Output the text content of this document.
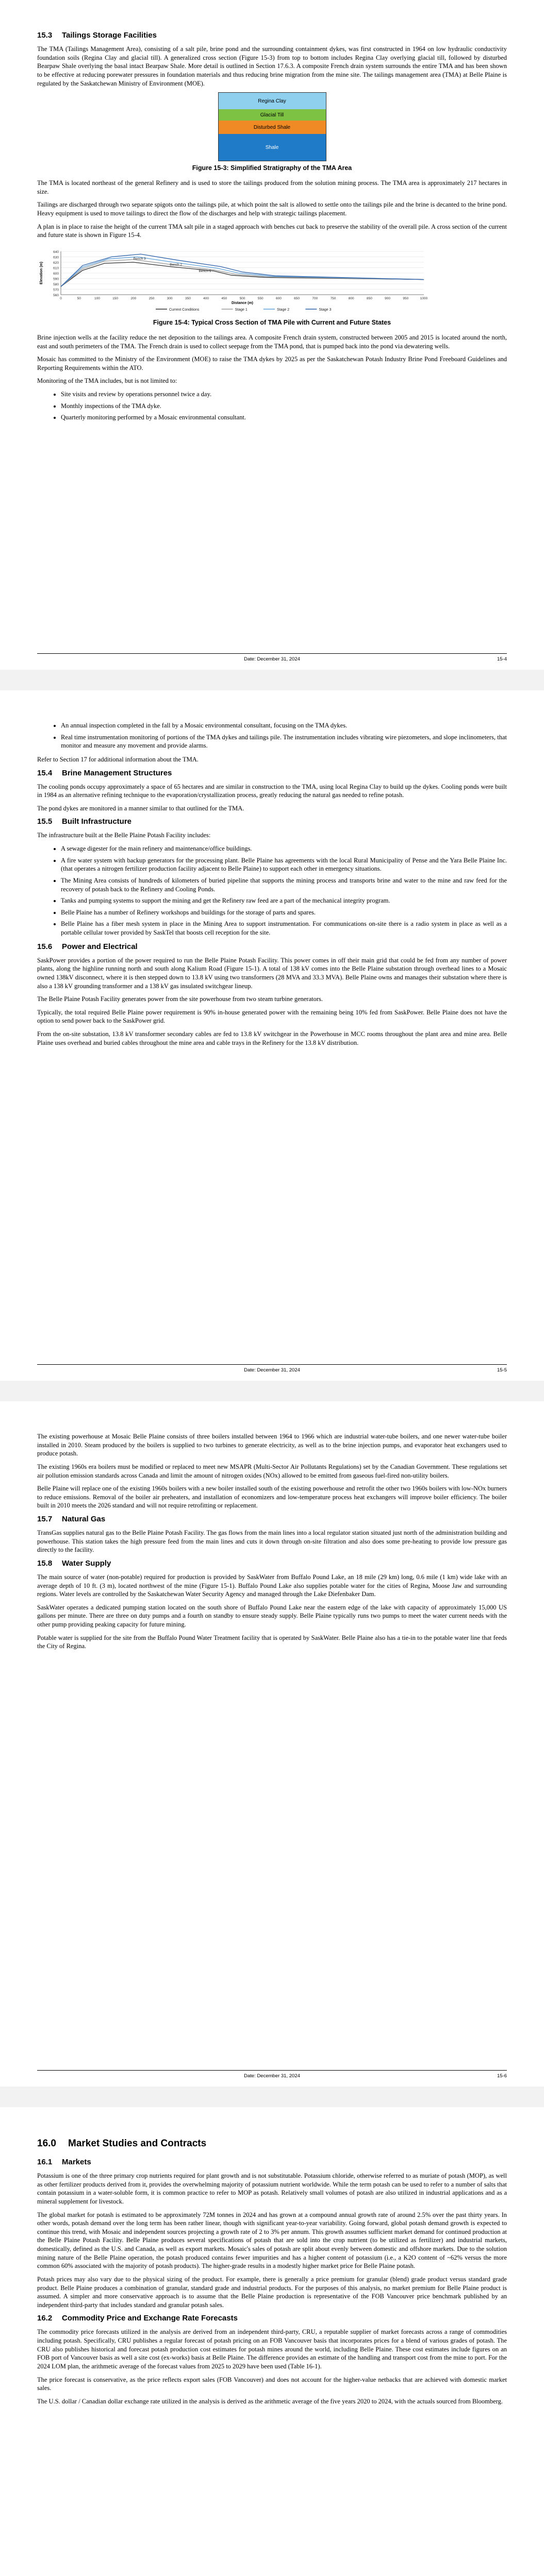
15.3 Tailings Storage Facilities

The TMA (Tailings Management Area), consisting of a salt pile, brine pond and the surrounding containment dykes, was first constructed in 1964 on low hydraulic conductivity foundation soils (Regina Clay and glacial till). A generalized cross section (Figure 15-3) from top to bottom includes Regina Clay overlying glacial till, followed by disturbed Bearpaw Shale overlying the basal intact Bearpaw Shale. More detail is outlined in Section 17.6.3. A composite French drain system surrounds the entire TMA and has been shown to be effective at reducing porewater pressures in foundation materials and thus reducing brine migration from the mine site. The tailings management area (TMA) at Belle Plaine is regulated by the Saskatchewan Ministry of Environment (MOE).

Regina Clay
Glacial Till
Disturbed Shale
Shale
Figure 15-3: Simplified Stratigraphy of the TMA Area

The TMA is located northeast of the general Refinery and is used to store the tailings produced from the solution mining process. The TMA area is approximately 217 hectares in size.

Tailings are discharged through two separate spigots onto the tailings pile, at which point the salt is allowed to settle onto the tailings pile and the brine is decanted to the brine pond. Heavy equipment is used to move tailings to direct the flow of the discharges and help with strategic tailings placement.

A plan is in place to raise the height of the current TMA salt pile in a staged approach with benches cut back to preserve the stability of the overall pile. A cross section of the current and future state is shown in Figure 15-4.

560
570
580
590
600
610
620
630
640
0	50	100	150	200	250	300	350	400	450	500	550	600	650	700	750	800	850	900	950	1000
Distance (m)
Elevation (m)	Bench 1
Bench 2
Bench 3
Current Conditions	Stage 1	Stage 2	Stage 3
Figure 15-4: Typical Cross Section of TMA Pile with Current and Future States

Brine injection wells at the facility reduce the net deposition to the tailings area. A composite French drain system, constructed between 2005 and 2015 is located around the north, east and south perimeters of the TMA. The French drain is used to collect seepage from the TMA pond, that is pumped back into the pond via dewatering wells.

Mosaic has committed to the Ministry of the Environment (MOE) to raise the TMA dykes by 2025 as per the Saskatchewan Potash Industry Brine Pond Freeboard Guidelines and Reporting Requirements within the ATO.

Monitoring of the TMA includes, but is not limited to:

• Site visits and review by operations personnel twice a day.
• Monthly inspections of the TMA dyke.
• Quarterly monitoring performed by a Mosaic environmental consultant.
Date: December 31, 2024	15-4
• An annual inspection completed in the fall by a Mosaic environmental consultant, focusing on the TMA dykes.
• Real time instrumentation monitoring of portions of the TMA dykes and tailings pile. The instrumentation includes vibrating wire piezometers, and slope inclinometers, that monitor and measure any movement and provide alarms.

Refer to Section 17 for additional information about the TMA.

15.4 Brine Management Structures

The cooling ponds occupy approximately a space of 65 hectares and are similar in construction to the TMA, using local Regina Clay to build up the dykes. Cooling ponds were built in 1984 as an alternative refining technique to the evaporation/crystallization process, greatly reducing the natural gas needed to refine potash.

The pond dykes are monitored in a manner similar to that outlined for the TMA.

15.5 Built Infrastructure

The infrastructure built at the Belle Plaine Potash Facility includes:

• A sewage digester for the main refinery and maintenance/office buildings.
• A fire water system with backup generators for the processing plant. Belle Plaine has agreements with the local Rural Municipality of Pense and the Yara Belle Plaine Inc. (that operates a nitrogen fertilizer production facility adjacent to Belle Plaine) to support each other in emergency situations.
• The Mining Area consists of hundreds of kilometers of buried pipeline that supports the mining process and transports brine and water to the mine and raw feed for the recovery of potash back to the Refinery and Cooling Ponds.
• Tanks and pumping systems to support the mining and get the Refinery raw feed are a part of the mechanical integrity program.
• Belle Plaine has a number of Refinery workshops and buildings for the storage of parts and spares.
• Belle Plaine has a fiber mesh system in place in the Mining Area to support instrumentation. For communications on-site there is a radio system in place as well as a portable cellular tower provided by SaskTel that boosts cell reception for the site.
15.6 Power and Electrical

SaskPower provides a portion of the power required to run the Belle Plaine Potash Facility. This power comes in off their main grid that could be fed from any number of power plants, along the highline running north and south along Kalium Road (Figure 15-1). A total of 138 kV comes into the Belle Plaine substation through overhead lines to a Mosaic owned 138kV disconnect, where it is then stepped down to 13.8 kV using two transformers (28 MVA and 33.3 MVA). Belle Plaine owns and manages their substation where there is also a 138 kV grounding transformer and a 138 kV gas insulated switchgear lineup.

The Belle Plaine Potash Facility generates power from the site powerhouse from two steam turbine generators.

Typically, the total required Belle Plaine power requirement is 90% in-house generated power with the remaining being 10% fed from SaskPower. Belle Plaine does not have the option to send power back to the SaskPower grid.

From the on-site substation, 13.8 kV transformer secondary cables are fed to 13.8 kV switchgear in the Powerhouse in MCC rooms throughout the plant area and mine area. Belle Plaine uses overhead and buried cables throughout the mine area and cable trays in the Refinery for the 13.8 kV distribution.

Date: December 31, 2024	15-5

The existing powerhouse at Mosaic Belle Plaine consists of three boilers installed between 1964 to 1966 which are industrial water-tube boilers, and one newer water-tube boiler installed in 2010. Steam produced by the boilers is supplied to two turbines to generate electricity, as well as to the brine injection pumps, and evaporator heat exchangers used to produce potash.

The existing 1960s era boilers must be modified or replaced to meet new MSAPR (Multi-Sector Air Pollutants Regulations) set by the Canadian Government. These regulations set air pollution emission standards across Canada and limit the amount of nitrogen oxides (NOx) allowed to be emitted from gaseous fuel-fired non-utility boilers.

Belle Plaine will replace one of the existing 1960s boilers with a new boiler installed south of the existing powerhouse and retrofit the other two 1960s boilers with low-NOx burners to reduce emissions. Removal of the boiler air preheaters, and installation of economizers and low-temperature process heat exchangers will improve boiler efficiency. The boiler built in 2010 meets the 2026 standard and will not require retrofitting or replacement.

15.7 Natural Gas

TransGas supplies natural gas to the Belle Plaine Potash Facility. The gas flows from the main lines into a local regulator station situated just north of the administration building and powerhouse. This station takes the high pressure feed from the main lines and cuts it down through on-site filtration and also does some pre-heating to provide low pressure gas directly to the facility.

15.8 Water Supply

The main source of water (non-potable) required for production is provided by SaskWater from Buffalo Pound Lake, an 18 mile (29 km) long, 0.6 mile (1 km) wide lake with an average depth of 10 ft. (3 m), located northwest of the mine (Figure 15-1). Buffalo Pound Lake also supplies potable water for the cities of Regina, Moose Jaw and surrounding regions. Water levels are controlled by the Saskatchewan Water Security Agency and managed through the Lake Diefenbaker Dam.

SaskWater operates a dedicated pumping station located on the south shore of Buffalo Pound Lake near the eastern edge of the lake with capacity of approximately 15,000 US gallons per minute. There are three on duty pumps and a fourth on standby to ensure steady supply. Belle Plaine typically runs two pumps to meet the water current needs with the other pump providing peaking capacity for future mining.

Potable water is supplied for the site from the Buffalo Pound Water Treatment facility that is operated by SaskWater. Belle Plaine also has a tie-in to the potable water line that feeds the City of Regina.

Date: December 31, 2024	15-6
16.0 Market Studies and Contracts
16.1 Markets

Potassium is one of the three primary crop nutrients required for plant growth and is not substitutable. Potassium chloride, otherwise referred to as muriate of potash (MOP), as well as other fertilizer products derived from it, provides the overwhelming majority of potassium nutrient worldwide. While the term potash can be used to refer to a number of salts that contain potassium in a water-soluble form, it is common practice to refer to MOP as potash. Relatively small volumes of potash are also utilized in industrial applications and as a mineral supplement for livestock.

The global market for potash is estimated to be approximately 72M tonnes in 2024 and has grown at a compound annual growth rate of around 2.5% over the past thirty years. In other words, potash demand over the long term has been rather linear, though with significant year-to-year variability. Going forward, global potash demand growth is expected to continue this trend, with Mosaic and independent sources projecting a growth rate of 2 to 3% per annum. This growth assumes sufficient market demand for continued production at the Belle Plaine Potash Facility. Belle Plaine produces several specifications of potash that are sold into the crop nutrient (to be utilized as fertilizer) and industrial markets, domestically, defined as the U.S. and Canada, as well as export markets. Mosaic's sales of potash are split about evenly between domestic and offshore markets. Due to the solution mining nature of the Belle Plaine operation, the potash produced contains fewer impurities and has a higher content of potassium (i.e., a K2O content of ~62% versus the more common 60% associated with the majority of potash products). The higher-grade results in a modestly higher market price for Belle Plaine potash.

Potash prices may also vary due to the physical sizing of the product. For example, there is generally a price premium for granular (blend) grade product versus standard grade product. Belle Plaine produces a combination of granular, standard grade and industrial products. For the purposes of this analysis, no market premium for Belle Plaine product is assumed. A simpler and more conservative approach is to assume that the Belle Plaine production is representative of the FOB Vancouver price benchmark published by an independent third-party that includes standard and granular potash sales.

16.2 Commodity Price and Exchange Rate Forecasts

The commodity price forecasts utilized in the analysis are derived from an independent third-party, CRU, a reputable supplier of market forecasts across a range of commodities including potash. Specifically, CRU publishes a regular forecast of potash pricing on an FOB Vancouver basis that incorporates prices for a blend of various grades of potash. The CRU also publishes historical and forecast potash production cost estimates for potash mines around the world, including Belle Plaine. These cost estimates include figures on an FOB port of Vancouver basis as well a site cost (ex-works) basis at Belle Plaine. The difference provides an estimate of the handling and transport cost from the mine to port. For the 2024 LOM plan, the arithmetic average of the forecast values from 2025 to 2029 have been used (Table 16-1).

The price forecast is conservative, as the price reflects export sales (FOB Vancouver) and does not account for the higher-value netbacks that are achieved with domestic market sales.

The U.S. dollar / Canadian dollar exchange rate utilized in the analysis is derived as the arithmetic average of the five years 2020 to 2024, with the actuals sourced from Bloomberg.
